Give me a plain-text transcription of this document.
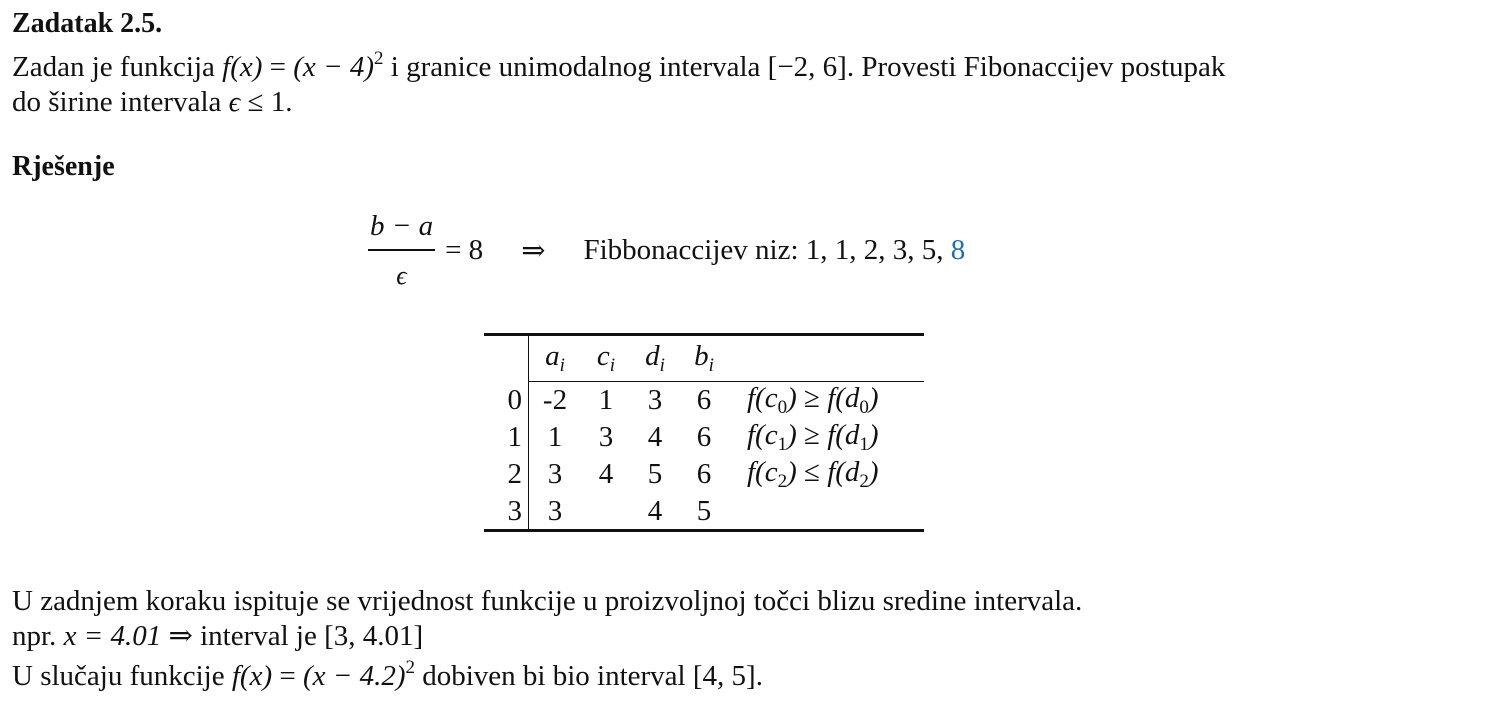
Zadatak 2.5.
Zadan je funkcija $f(x) = (x - 4)^2$ i granice unimodalnog intervala [−2, 6]. Provesti Fibonaccijev postupak
do širine intervala ϵ ≤ 1.
Rješenje
$\frac{b - a}{\epsilon} = 8$ ⇒ Fibbonaccijev niz: 1, 1, 2, 3, 5,
8
	$a_i$	$c_i$	$d_i$	$b_i$	
0	-2	1	3	6	$f(c_0) \ge f(d_0)$
1	1	3	4	6	$f(c_1) \ge f(d_1)$
2	3	4	5	6	$f(c_2) \le f(d_2)$
3	3		4	5	
U zadnjem koraku ispituje se vrijednost funkcije u proizvoljnoj točci blizu sredine intervala.
npr. x = 4.01 ⇒ interval je [3, 4.01]
U slučaju funkcije $f(x) = (x - 4.2)^2$ dobiven bi bio interval [4, 5].
